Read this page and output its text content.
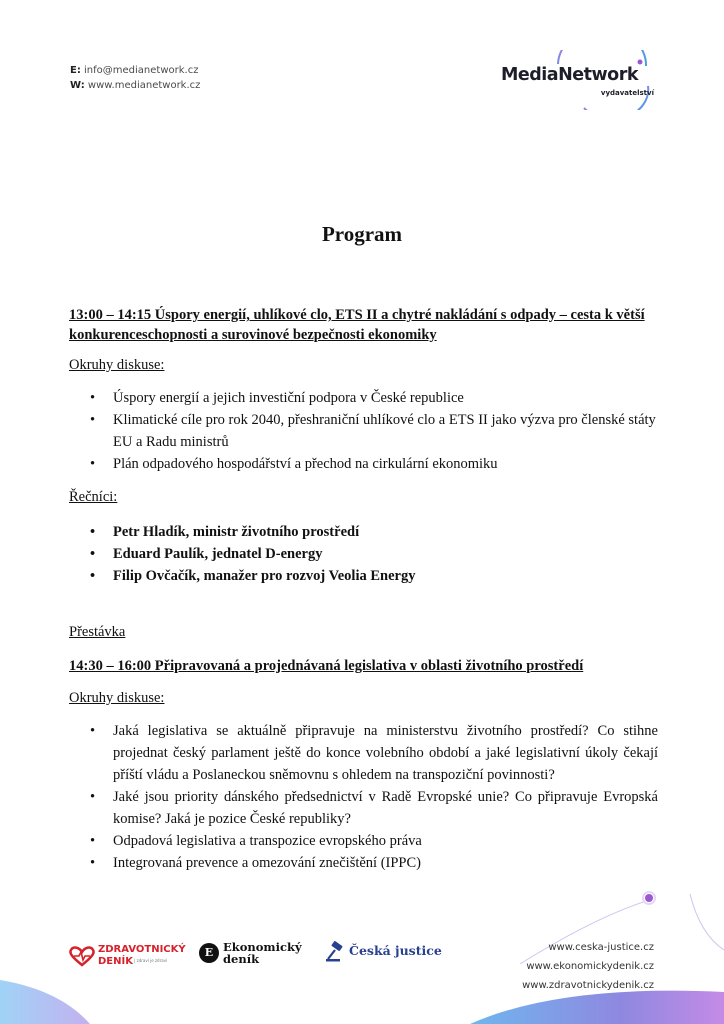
E: info@medianetwork.cz
W: www.medianetwork.cz
MediaNetwork
vydavatelství
Program
13:00 – 14:15 Úspory energií, uhlíkové clo, ETS II a chytré nakládání s odpady – cesta k větší konkurenceschopnosti a surovinové bezpečnosti ekonomiky
Okruhy diskuse:
• Úspory energií a jejich investiční podpora v České republice
• Klimatické cíle pro rok 2040, přeshraniční uhlíkové clo a ETS II jako výzva pro členské státy EU a Radu ministrů
• Plán odpadového hospodářství a přechod na cirkulární ekonomiku
Řečníci:
• Petr Hladík, ministr životního prostředí
• Eduard Paulík, jednatel D-energy
• Filip Ovčačík, manažer pro rozvoj Veolia Energy
Přestávka
14:30 – 16:00 Připravovaná a projednávaná legislativa v oblasti životního prostředí
Okruhy diskuse:
• Jaká legislativa se aktuálně připravuje na ministerstvu životního prostředí? Co stihne projednat český parlament ještě do konce volebního období a jaké legislativní úkoly čekají příští vládu a Poslaneckou sněmovnu s ohledem na transpoziční povinnosti?
• Jaké jsou priority dánského předsednictví v Radě Evropské unie? Co připravuje Evropská komise? Jaká je pozice České republiky?
• Odpadová legislativa a transpozice evropského práva
• Integrovaná prevence a omezování znečištění (IPPC)
ZDRAVOTNICKÝ
DENÍK | zdraví je zdraví
E Ekonomický
deník
Česká justice	www.ceska-justice.cz
www.ekonomickydenik.cz
www.zdravotnickydenik.cz
